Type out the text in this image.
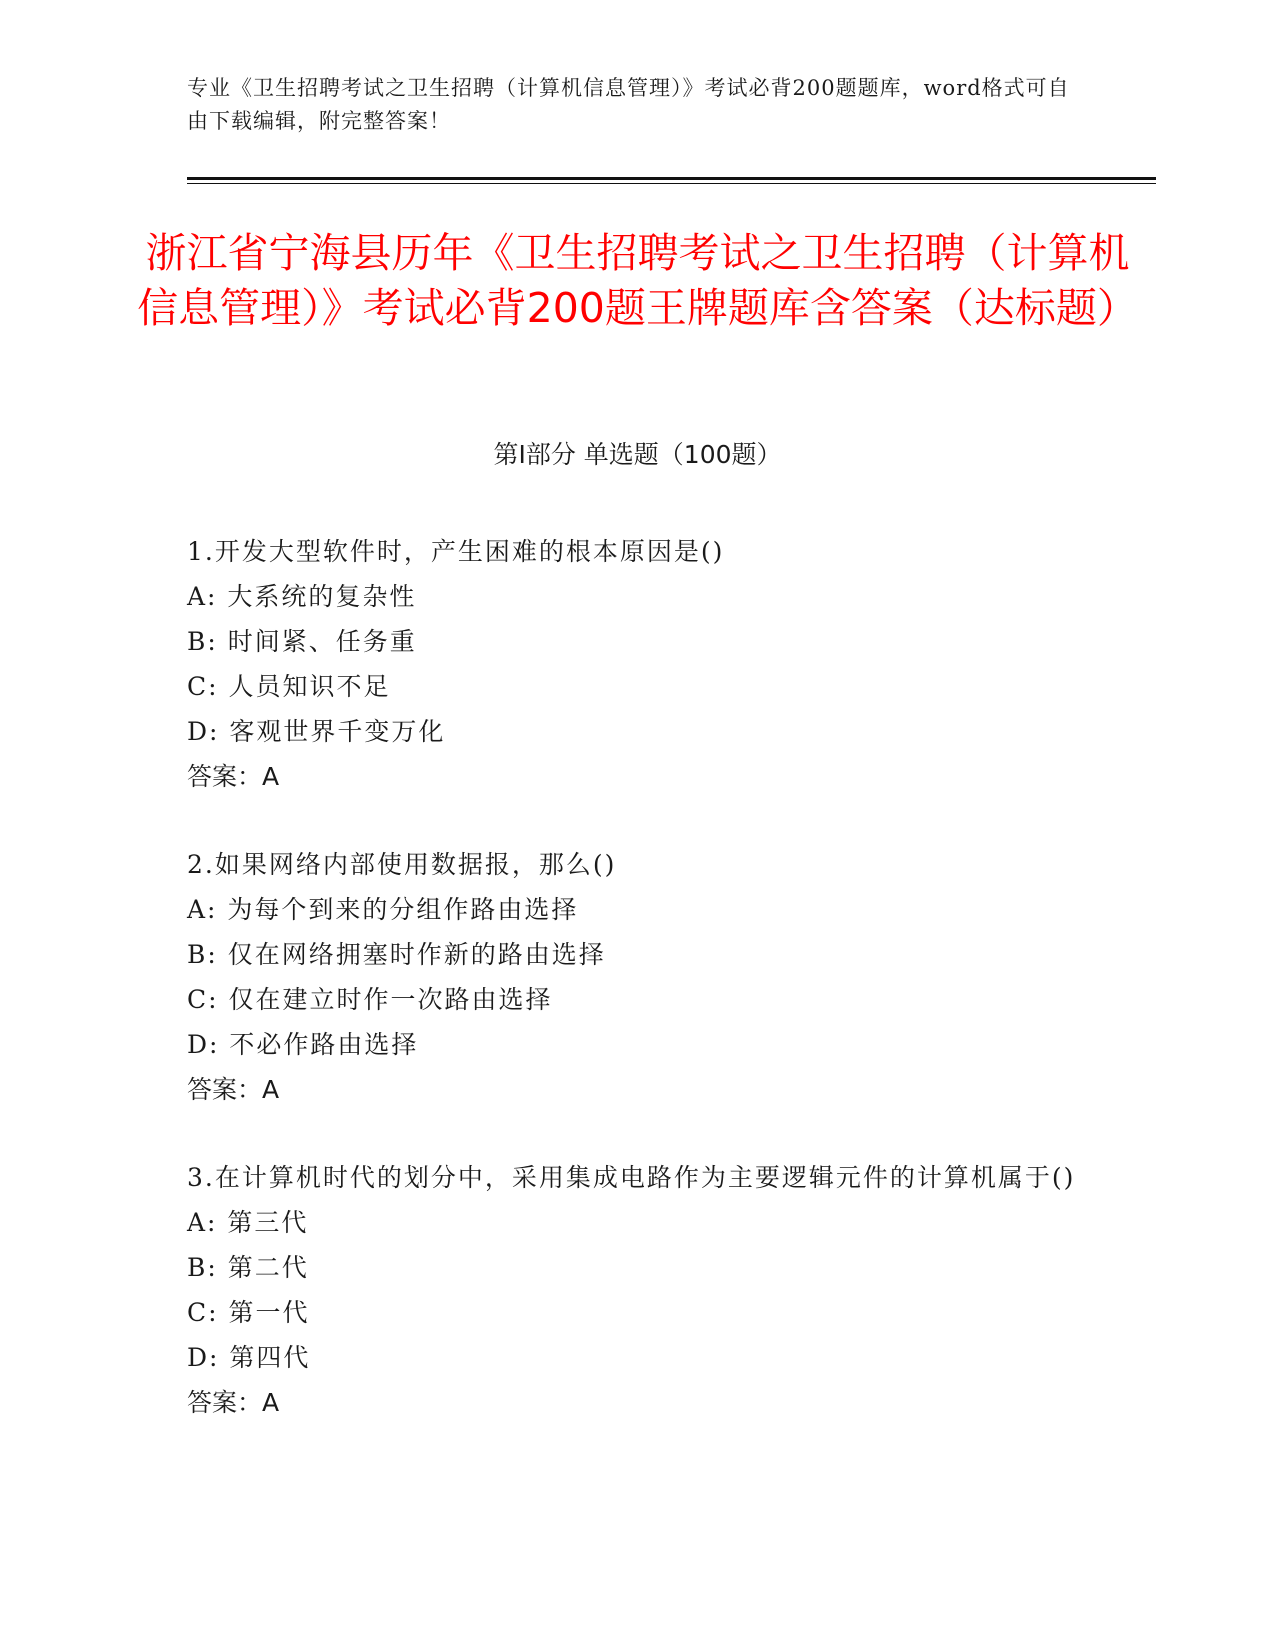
专业《卫生招聘考试之卫生招聘（计算机信息管理）》考试必背200题题库，word格式可自由下载编辑，附完整答案！
浙江省宁海县历年《卫生招聘考试之卫生招聘（计算机信息管理）》考试必背200题王牌题库含答案（达标题）
第Ⅰ部分 单选题（100题）
1.开发大型软件时，产生困难的根本原因是()
A: 大系统的复杂性
B: 时间紧、任务重
C: 人员知识不足
D: 客观世界千变万化
答案：A
2.如果网络内部使用数据报，那么()
A: 为每个到来的分组作路由选择
B: 仅在网络拥塞时作新的路由选择
C: 仅在建立时作一次路由选择
D: 不必作路由选择
答案：A
3.在计算机时代的划分中，采用集成电路作为主要逻辑元件的计算机属于()
A: 第三代
B: 第二代
C: 第一代
D: 第四代
答案：A
